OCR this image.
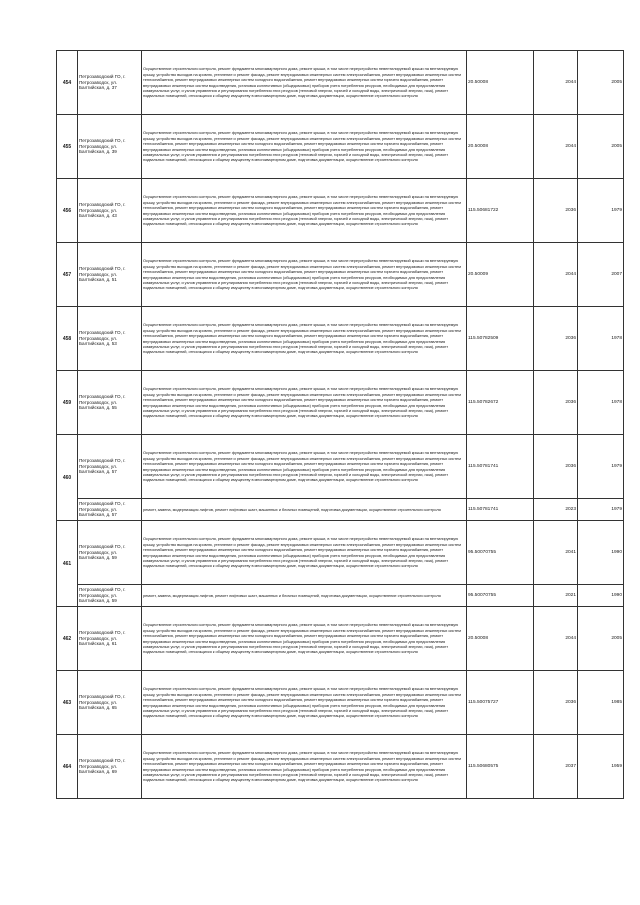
454	Петрозаводский ГО, г. Петрозаводск, ул. Балтийская, д. 37	Осуществление строительного контроля, ремонт фундамента многоквартирного дома, ремонт крыши, в том числе переустройство невентилируемой крыши на вентилируемую крышу, устройство выходов на кровлю, утепление и ремонт фасада, ремонт внутридомовых инженерных систем электроснабжения, ремонт внутридомовых инженерных систем теплоснабжения, ремонт внутридомовых инженерных систем холодного водоснабжения, ремонт внутридомовых инженерных систем горячего водоснабжения, ремонт внутридомовых инженерных систем водоотведения, установка коллективных (общедомовых) приборов учета потребления ресурсов, необходимых для предоставления коммунальных услуг, и узлов управления и регулирования потребления этих ресурсов (тепловой энергии, горячей и холодной воды, электрической энергии, газа), ремонт подвальных помещений, относящихся к общему имуществу в многоквартирном доме, подготовка документации, осуществление строительного контроля	20.50008	2044	2005
455	Петрозаводский ГО, г. Петрозаводск, ул. Балтийская, д. 39	Осуществление строительного контроля, ремонт фундамента многоквартирного дома, ремонт крыши, в том числе переустройство невентилируемой крыши на вентилируемую крышу, устройство выходов на кровлю, утепление и ремонт фасада, ремонт внутридомовых инженерных систем электроснабжения, ремонт внутридомовых инженерных систем теплоснабжения, ремонт внутридомовых инженерных систем холодного водоснабжения, ремонт внутридомовых инженерных систем горячего водоснабжения, ремонт внутридомовых инженерных систем водоотведения, установка коллективных (общедомовых) приборов учета потребления ресурсов, необходимых для предоставления коммунальных услуг, и узлов управления и регулирования потребления этих ресурсов (тепловой энергии, горячей и холодной воды, электрической энергии, газа), ремонт подвальных помещений, относящихся к общему имуществу в многоквартирном доме, подготовка документации, осуществление строительного контроля	20.50008	2044	2005
456	Петрозаводский ГО, г. Петрозаводск, ул. Балтийская, д. 43	Осуществление строительного контроля, ремонт фундамента многоквартирного дома, ремонт крыши, в том числе переустройство невентилируемой крыши на вентилируемую крышу, устройство выходов на кровлю, утепление и ремонт фасада, ремонт внутридомовых инженерных систем электроснабжения, ремонт внутридомовых инженерных систем теплоснабжения, ремонт внутридомовых инженерных систем холодного водоснабжения, ремонт внутридомовых инженерных систем горячего водоснабжения, ремонт внутридомовых инженерных систем водоотведения, установка коллективных (общедомовых) приборов учета потребления ресурсов, необходимых для предоставления коммунальных услуг, и узлов управления и регулирования потребления этих ресурсов (тепловой энергии, горячей и холодной воды, электрической энергии, газа), ремонт подвальных помещений, относящихся к общему имуществу в многоквартирном доме, подготовка документации, осуществление строительного контроля	115.50681722	2036	1979
457	Петрозаводский ГО, г. Петрозаводск, ул. Балтийская, д. 51	Осуществление строительного контроля, ремонт фундамента многоквартирного дома, ремонт крыши, в том числе переустройство невентилируемой крыши на вентилируемую крышу, устройство выходов на кровлю, утепление и ремонт фасада, ремонт внутридомовых инженерных систем электроснабжения, ремонт внутридомовых инженерных систем теплоснабжения, ремонт внутридомовых инженерных систем холодного водоснабжения, ремонт внутридомовых инженерных систем горячего водоснабжения, ремонт внутридомовых инженерных систем водоотведения, установка коллективных (общедомовых) приборов учета потребления ресурсов, необходимых для предоставления коммунальных услуг, и узлов управления и регулирования потребления этих ресурсов (тепловой энергии, горячей и холодной воды, электрической энергии, газа), ремонт подвальных помещений, относящихся к общему имуществу в многоквартирном доме, подготовка документации, осуществление строительного контроля	20.50009	2044	2007
458	Петрозаводский ГО, г. Петрозаводск, ул. Балтийская, д. 53	Осуществление строительного контроля, ремонт фундамента многоквартирного дома, ремонт крыши, в том числе переустройство невентилируемой крыши на вентилируемую крышу, устройство выходов на кровлю, утепление и ремонт фасада, ремонт внутридомовых инженерных систем электроснабжения, ремонт внутридомовых инженерных систем теплоснабжения, ремонт внутридомовых инженерных систем холодного водоснабжения, ремонт внутридомовых инженерных систем горячего водоснабжения, ремонт внутридомовых инженерных систем водоотведения, установка коллективных (общедомовых) приборов учета потребления ресурсов, необходимых для предоставления коммунальных услуг, и узлов управления и регулирования потребления этих ресурсов (тепловой энергии, горячей и холодной воды, электрической энергии, газа), ремонт подвальных помещений, относящихся к общему имуществу в многоквартирном доме, подготовка документации, осуществление строительного контроля	115.50782509	2036	1978
459	Петрозаводский ГО, г. Петрозаводск, ул. Балтийская, д. 55	Осуществление строительного контроля, ремонт фундамента многоквартирного дома, ремонт крыши, в том числе переустройство невентилируемой крыши на вентилируемую крышу, устройство выходов на кровлю, утепление и ремонт фасада, ремонт внутридомовых инженерных систем электроснабжения, ремонт внутридомовых инженерных систем теплоснабжения, ремонт внутридомовых инженерных систем холодного водоснабжения, ремонт внутридомовых инженерных систем горячего водоснабжения, ремонт внутридомовых инженерных систем водоотведения, установка коллективных (общедомовых) приборов учета потребления ресурсов, необходимых для предоставления коммунальных услуг, и узлов управления и регулирования потребления этих ресурсов (тепловой энергии, горячей и холодной воды, электрической энергии, газа), ремонт подвальных помещений, относящихся к общему имуществу в многоквартирном доме, подготовка документации, осуществление строительного контроля	115.50782672	2036	1978
460	Петрозаводский ГО, г. Петрозаводск, ул. Балтийская, д. 57	Осуществление строительного контроля, ремонт фундамента многоквартирного дома, ремонт крыши, в том числе переустройство невентилируемой крыши на вентилируемую крышу, устройство выходов на кровлю, утепление и ремонт фасада, ремонт внутридомовых инженерных систем электроснабжения, ремонт внутридомовых инженерных систем теплоснабжения, ремонт внутридомовых инженерных систем холодного водоснабжения, ремонт внутридомовых инженерных систем горячего водоснабжения, ремонт внутридомовых инженерных систем водоотведения, установка коллективных (общедомовых) приборов учета потребления ресурсов, необходимых для предоставления коммунальных услуг, и узлов управления и регулирования потребления этих ресурсов (тепловой энергии, горячей и холодной воды, электрической энергии, газа), ремонт подвальных помещений, относящихся к общему имуществу в многоквартирном доме, подготовка документации, осуществление строительного контроля	115.50781741	2036	1979
	Петрозаводский ГО, г. Петрозаводск, ул. Балтийская, д. 57	ремонт, замена, модернизация лифтов, ремонт лифтовых шахт, машинных и блочных помещений, подготовка документации, осуществление строительного контроля	115.50781741	2023	1979
461	Петрозаводский ГО, г. Петрозаводск, ул. Балтийская, д. 59	Осуществление строительного контроля, ремонт фундамента многоквартирного дома, ремонт крыши, в том числе переустройство невентилируемой крыши на вентилируемую крышу, устройство выходов на кровлю, утепление и ремонт фасада, ремонт внутридомовых инженерных систем электроснабжения, ремонт внутридомовых инженерных систем теплоснабжения, ремонт внутридомовых инженерных систем холодного водоснабжения, ремонт внутридомовых инженерных систем горячего водоснабжения, ремонт внутридомовых инженерных систем водоотведения, установка коллективных (общедомовых) приборов учета потребления ресурсов, необходимых для предоставления коммунальных услуг, и узлов управления и регулирования потребления этих ресурсов (тепловой энергии, горячей и холодной воды, электрической энергии, газа), ремонт подвальных помещений, относящихся к общему имуществу в многоквартирном доме, подготовка документации, осуществление строительного контроля	95.50070755	2041	1990
	Петрозаводский ГО, г. Петрозаводск, ул. Балтийская, д. 59	ремонт, замена, модернизация лифтов, ремонт лифтовых шахт, машинных и блочных помещений, подготовка документации, осуществление строительного контроля	95.50070755	2021	1990
462	Петрозаводский ГО, г. Петрозаводск, ул. Балтийская, д. 61	Осуществление строительного контроля, ремонт фундамента многоквартирного дома, ремонт крыши, в том числе переустройство невентилируемой крыши на вентилируемую крышу, устройство выходов на кровлю, утепление и ремонт фасада, ремонт внутридомовых инженерных систем электроснабжения, ремонт внутридомовых инженерных систем теплоснабжения, ремонт внутридомовых инженерных систем холодного водоснабжения, ремонт внутридомовых инженерных систем горячего водоснабжения, ремонт внутридомовых инженерных систем водоотведения, установка коллективных (общедомовых) приборов учета потребления ресурсов, необходимых для предоставления коммунальных услуг, и узлов управления и регулирования потребления этих ресурсов (тепловой энергии, горячей и холодной воды, электрической энергии, газа), ремонт подвальных помещений, относящихся к общему имуществу в многоквартирном доме, подготовка документации, осуществление строительного контроля	20.50008	2044	2005
463	Петрозаводский ГО, г. Петрозаводск, ул. Балтийская, д. 65	Осуществление строительного контроля, ремонт фундамента многоквартирного дома, ремонт крыши, в том числе переустройство невентилируемой крыши на вентилируемую крышу, устройство выходов на кровлю, утепление и ремонт фасада, ремонт внутридомовых инженерных систем электроснабжения, ремонт внутридомовых инженерных систем теплоснабжения, ремонт внутридомовых инженерных систем холодного водоснабжения, ремонт внутридомовых инженерных систем горячего водоснабжения, ремонт внутридомовых инженерных систем водоотведения, установка коллективных (общедомовых) приборов учета потребления ресурсов, необходимых для предоставления коммунальных услуг, и узлов управления и регулирования потребления этих ресурсов (тепловой энергии, горячей и холодной воды, электрической энергии, газа), ремонт подвальных помещений, относящихся к общему имуществу в многоквартирном доме, подготовка документации, осуществление строительного контроля	115.50075727	2036	1985
464	Петрозаводский ГО, г. Петрозаводск, ул. Балтийская, д. 69	Осуществление строительного контроля, ремонт фундамента многоквартирного дома, ремонт крыши, в том числе переустройство невентилируемой крыши на вентилируемую крышу, устройство выходов на кровлю, утепление и ремонт фасада, ремонт внутридомовых инженерных систем электроснабжения, ремонт внутридомовых инженерных систем теплоснабжения, ремонт внутридомовых инженерных систем холодного водоснабжения, ремонт внутридомовых инженерных систем горячего водоснабжения, ремонт внутридомовых инженерных систем водоотведения, установка коллективных (общедомовых) приборов учета потребления ресурсов, необходимых для предоставления коммунальных услуг, и узлов управления и регулирования потребления этих ресурсов (тепловой энергии, горячей и холодной воды, электрической энергии, газа), ремонт подвальных помещений, относящихся к общему имуществу в многоквартирном доме, подготовка документации, осуществление строительного контроля	115.50680575	2037	1959
